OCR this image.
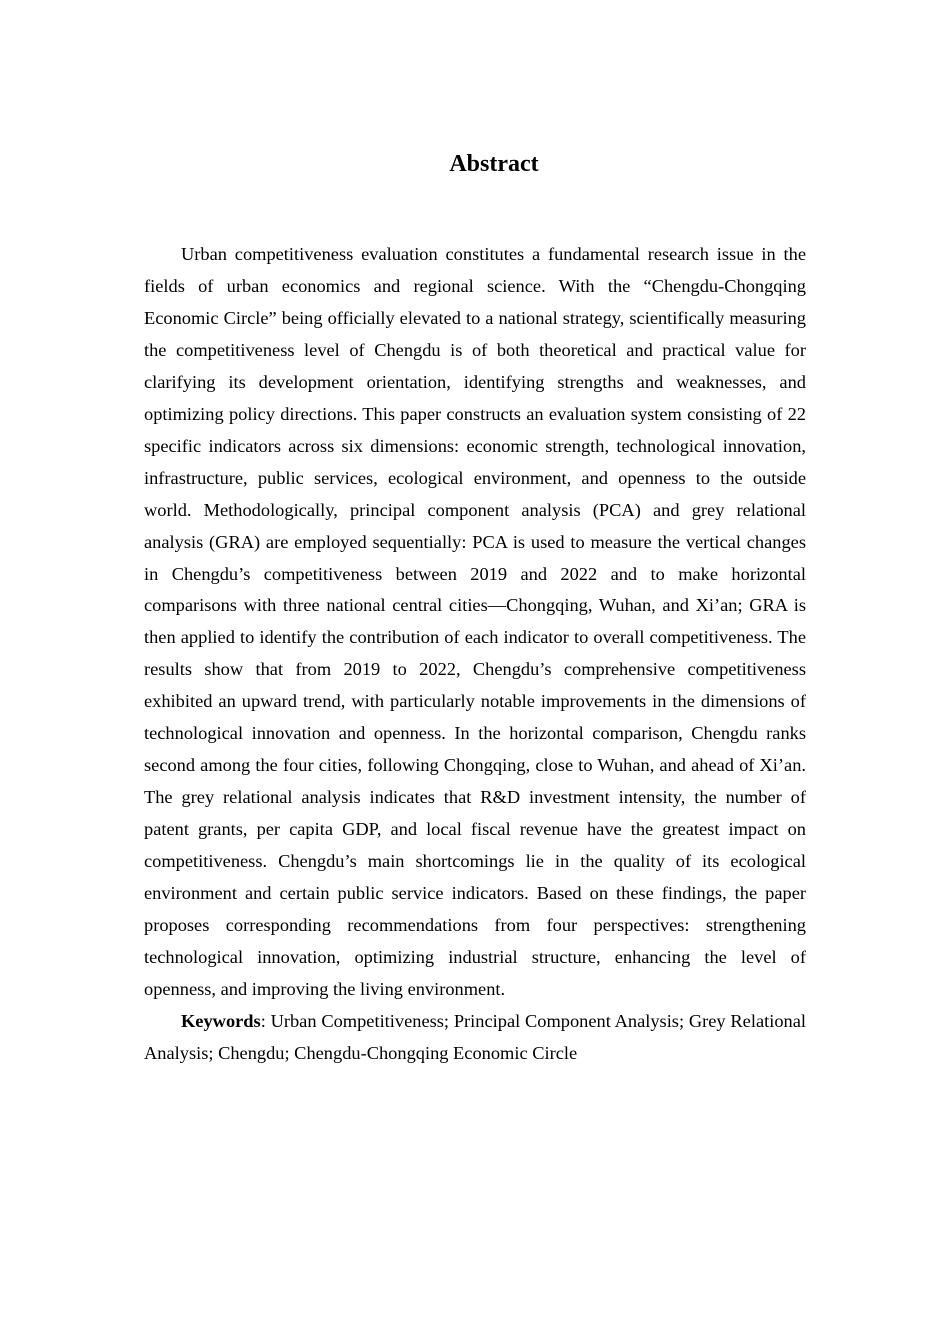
Abstract

Urban competitiveness evaluation constitutes a fundamental research issue in the fields of urban economics and regional science. With the “Chengdu-Chongqing Economic Circle” being officially elevated to a national strategy, scientifically measuring the competitiveness level of Chengdu is of both theoretical and practical value for clarifying its development orientation, identifying strengths and weaknesses, and optimizing policy directions. This paper constructs an evaluation system consisting of 22 specific indicators across six dimensions: economic strength, technological innovation, infrastructure, public services, ecological environment, and openness to the outside world. Methodologically, principal component analysis (PCA) and grey relational analysis (GRA) are employed sequentially: PCA is used to measure the vertical changes in Chengdu’s competitiveness between 2019 and 2022 and to make horizontal comparisons with three national central cities—Chongqing, Wuhan, and Xi’an; GRA is then applied to identify the contribution of each indicator to overall competitiveness. The results show that from 2019 to 2022, Chengdu’s comprehensive competitiveness exhibited an upward trend, with particularly notable improvements in the dimensions of technological innovation and openness. In the horizontal comparison, Chengdu ranks second among the four cities, following Chongqing, close to Wuhan, and ahead of Xi’an. The grey relational analysis indicates that R&D investment intensity, the number of patent grants, per capita GDP, and local fiscal revenue have the greatest impact on competitiveness. Chengdu’s main shortcomings lie in the quality of its ecological environment and certain public service indicators. Based on these findings, the paper proposes corresponding recommendations from four perspectives: strengthening technological innovation, optimizing industrial structure, enhancing the level of openness, and improving the living environment.

Keywords: Urban Competitiveness; Principal Component Analysis; Grey Relational Analysis; Chengdu; Chengdu-Chongqing Economic Circle
